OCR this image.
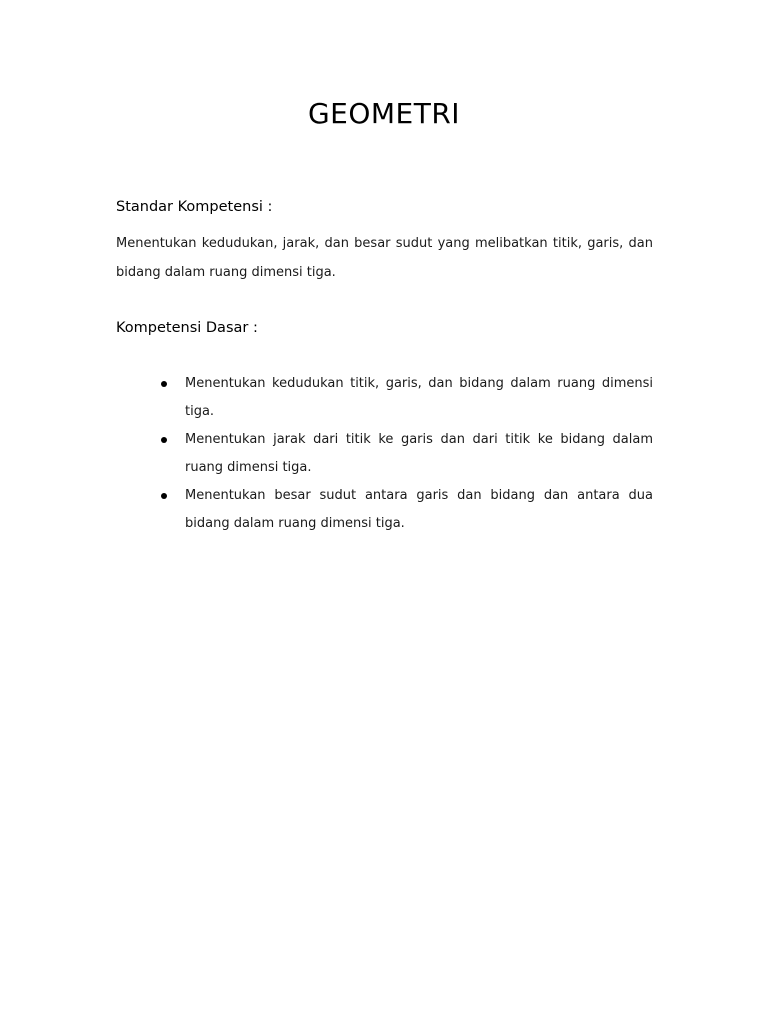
GEOMETRI
Standar Kompetensi :

Menentukan kedudukan, jarak, dan besar sudut yang melibatkan titik, garis, dan bidang dalam ruang dimensi tiga.

Kompetensi Dasar :
Menentukan kedudukan titik, garis, dan bidang dalam ruang dimensi tiga.
Menentukan jarak dari titik ke garis dan dari titik ke bidang dalam ruang dimensi tiga.
Menentukan besar sudut antara garis dan bidang dan antara dua bidang dalam ruang dimensi tiga.
